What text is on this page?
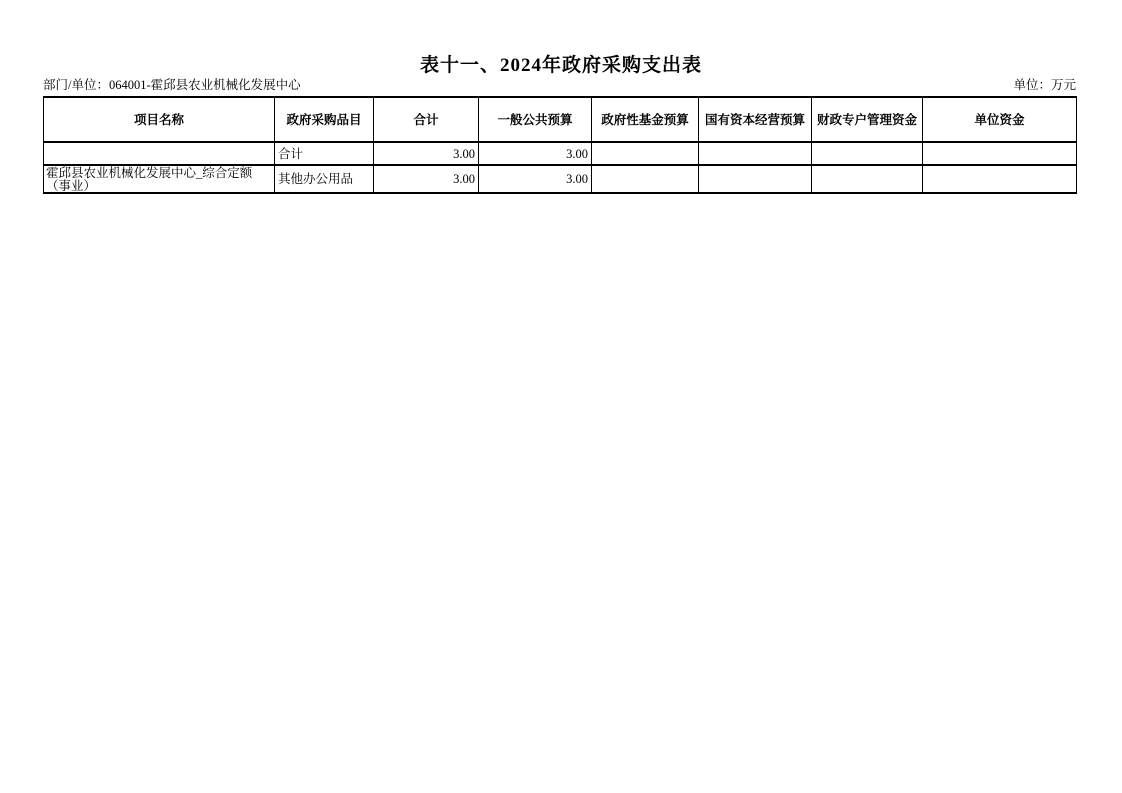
表十一、2024年政府采购支出表
部门/单位：064001-霍邱县农业机械化发展中心	单位：万元
项目名称	政府采购品目	合计	一般公共预算	政府性基金预算	国有资本经营预算	财政专户管理资金	单位资金
	合计	3.00	3.00				

霍邱县农业机械化发展中心_综合定额（事业）	其他办公用品	3.00	3.00				
